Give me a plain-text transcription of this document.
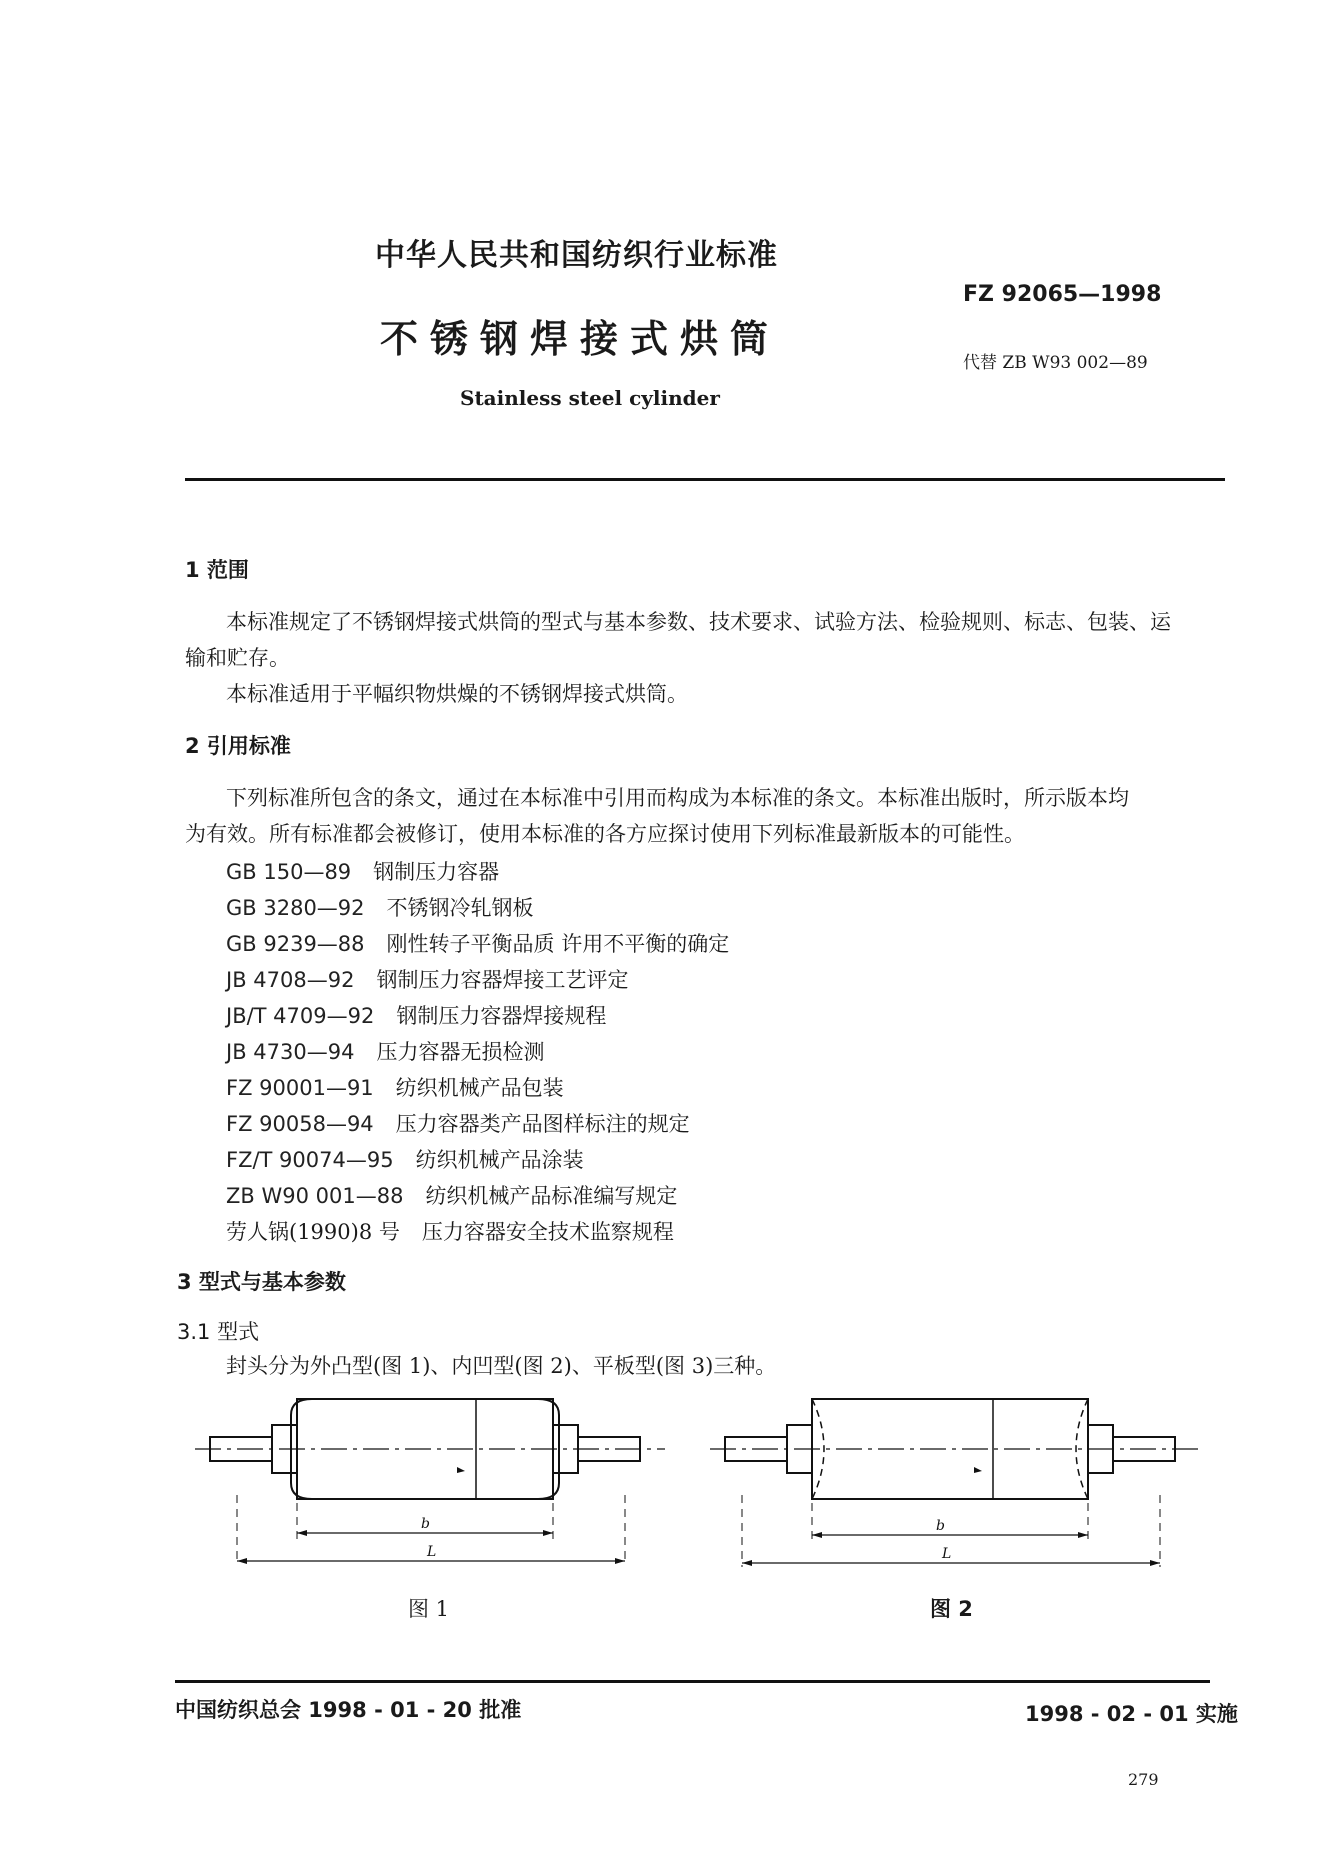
中华人民共和国纺织行业标准
FZ 92065—1998
不锈钢焊接式烘筒
代替 ZB W93 002—89
Stainless steel cylinder
1 范围
本标准规定了不锈钢焊接式烘筒的型式与基本参数、技术要求、试验方法、检验规则、标志、包装、运
输和贮存。
本标准适用于平幅织物烘燥的不锈钢焊接式烘筒。
2 引用标准
下列标准所包含的条文，通过在本标准中引用而构成为本标准的条文。本标准出版时，所示版本均
为有效。所有标准都会被修订，使用本标准的各方应探讨使用下列标准最新版本的可能性。
GB 150—89 钢制压力容器
GB 3280—92 不锈钢冷轧钢板
GB 9239—88 刚性转子平衡品质 许用不平衡的确定
JB 4708—92 钢制压力容器焊接工艺评定
JB/T 4709—92 钢制压力容器焊接规程
JB 4730—94 压力容器无损检测
FZ 90001—91 纺织机械产品包装
FZ 90058—94 压力容器类产品图样标注的规定
FZ/T 90074—95 纺织机械产品涂装
ZB W90 001—88 纺织机械产品标准编写规定
劳人锅(1990)8 号 压力容器安全技术监察规程
3 型式与基本参数
3.1 型式
封头分为外凸型(图 1)、内凹型(图 2)、平板型(图 3)三种。
b
L
图 1
b
L
图 2
中国纺织总会 1998 - 01 - 20 批准	1998 - 02 - 01 实施
279
